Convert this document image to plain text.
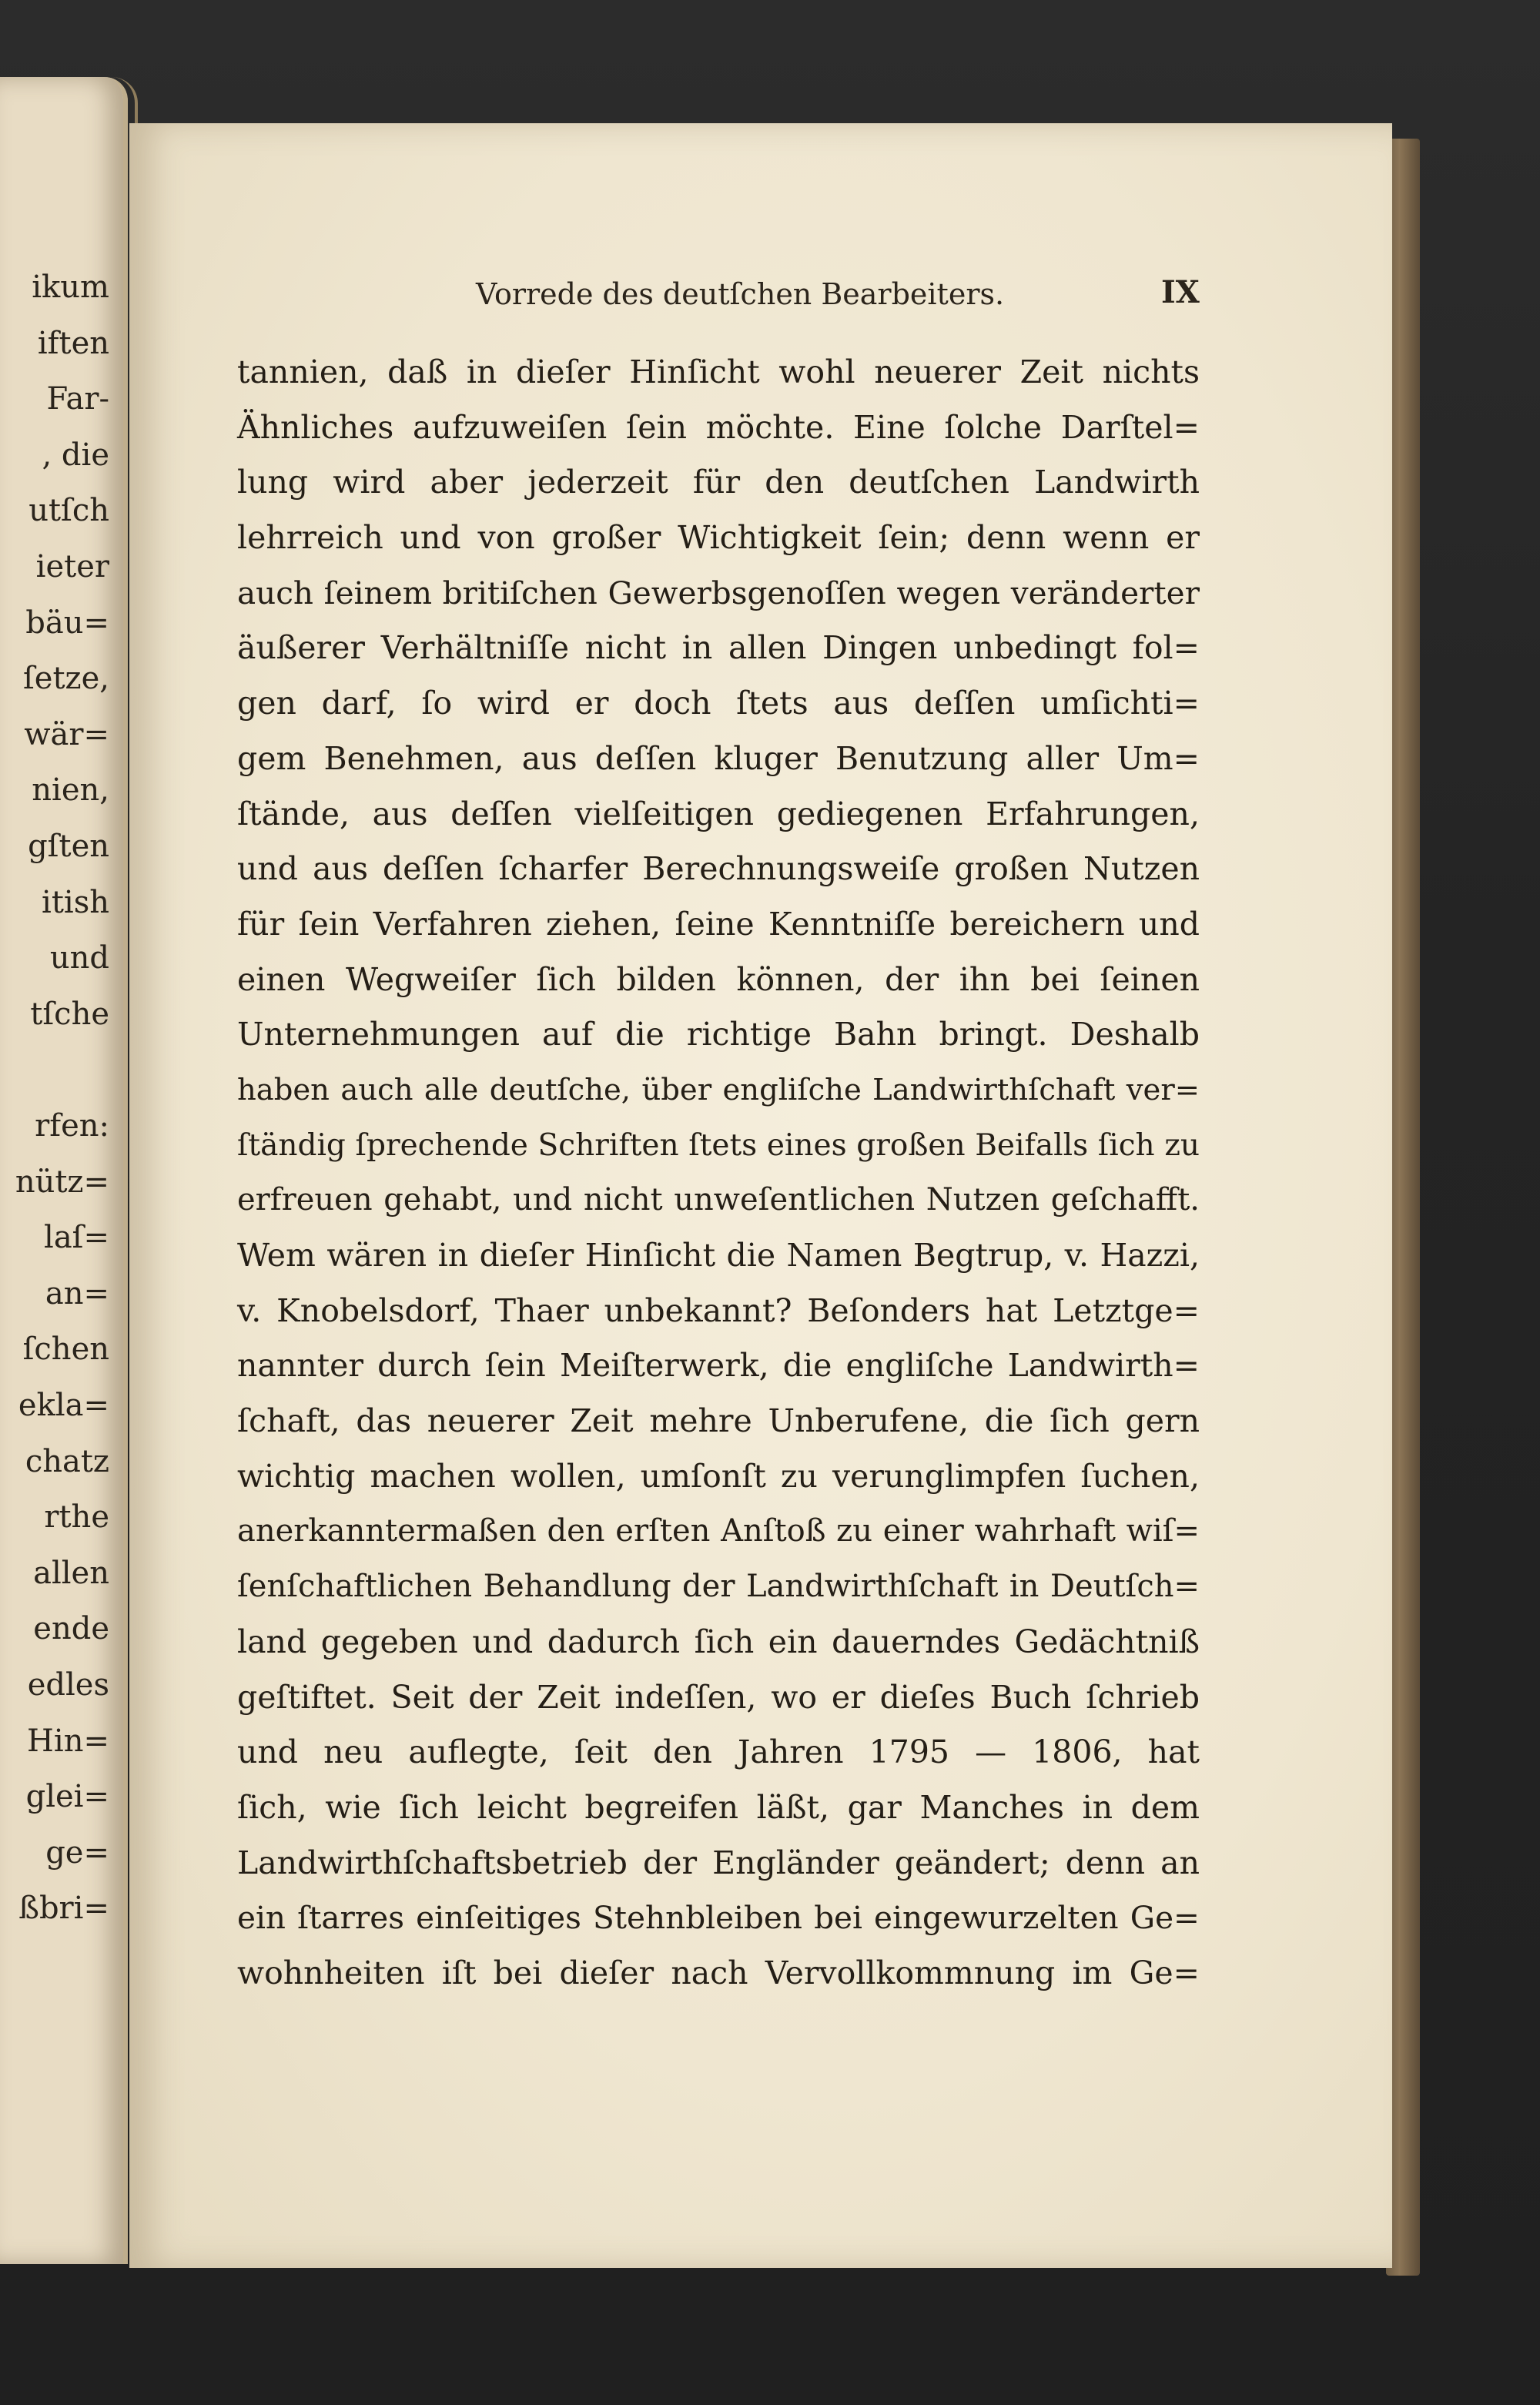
ikum
iften
Far-
, die
utſch
ieter
bäu=
ſetze,
wär=
nien,
gſten
itish
und
tſche
rfen:
nütz=
laſ=
an=
ſchen
ekla=
chatz
rthe
allen
ende
edles
Hin=
glei=
ge=
ßbri=
Vorrede des deutſchen Bearbeiters.	IX
tannien, daß in dieſer Hinſicht wohl neuerer Zeit nichts
Ähnliches aufzuweiſen ſein möchte. Eine ſolche Darſtel=
lung wird aber jederzeit für den deutſchen Landwirth
lehrreich und von großer Wichtigkeit ſein; denn wenn er
auch ſeinem britiſchen Gewerbsgenoſſen wegen veränderter
äußerer Verhältniſſe nicht in allen Dingen unbedingt fol=
gen darf, ſo wird er doch ſtets aus deſſen umſichti=
gem Benehmen, aus deſſen kluger Benutzung aller Um=
ſtände, aus deſſen vielſeitigen gediegenen Erfahrungen,
und aus deſſen ſcharfer Berechnungsweiſe großen Nutzen
für ſein Verfahren ziehen, ſeine Kenntniſſe bereichern und
einen Wegweiſer ſich bilden können, der ihn bei ſeinen
Unternehmungen auf die richtige Bahn bringt. Deshalb
haben auch alle deutſche, über engliſche Landwirthſchaft ver=
ſtändig ſprechende Schriften ſtets eines großen Beifalls ſich zu
erfreuen gehabt, und nicht unweſentlichen Nutzen geſchafft.
Wem wären in dieſer Hinſicht die Namen Begtrup, v. Hazzi,
v. Knobelsdorf, Thaer unbekannt? Beſonders hat Letztge=
nannter durch ſein Meiſterwerk, die engliſche Landwirth=
ſchaft, das neuerer Zeit mehre Unberufene, die ſich gern
wichtig machen wollen, umſonſt zu verunglimpfen ſuchen,
anerkanntermaßen den erſten Anſtoß zu einer wahrhaft wiſ=
ſenſchaftlichen Behandlung der Landwirthſchaft in Deutſch=
land gegeben und dadurch ſich ein dauerndes Gedächtniß
geſtiftet. Seit der Zeit indeſſen, wo er dieſes Buch ſchrieb
und neu auflegte, ſeit den Jahren 1795 — 1806, hat
ſich, wie ſich leicht begreifen läßt, gar Manches in dem
Landwirthſchaftsbetrieb der Engländer geändert; denn an
ein ſtarres einſeitiges Stehnbleiben bei eingewurzelten Ge=
wohnheiten iſt bei dieſer nach Vervollkommnung im Ge=
